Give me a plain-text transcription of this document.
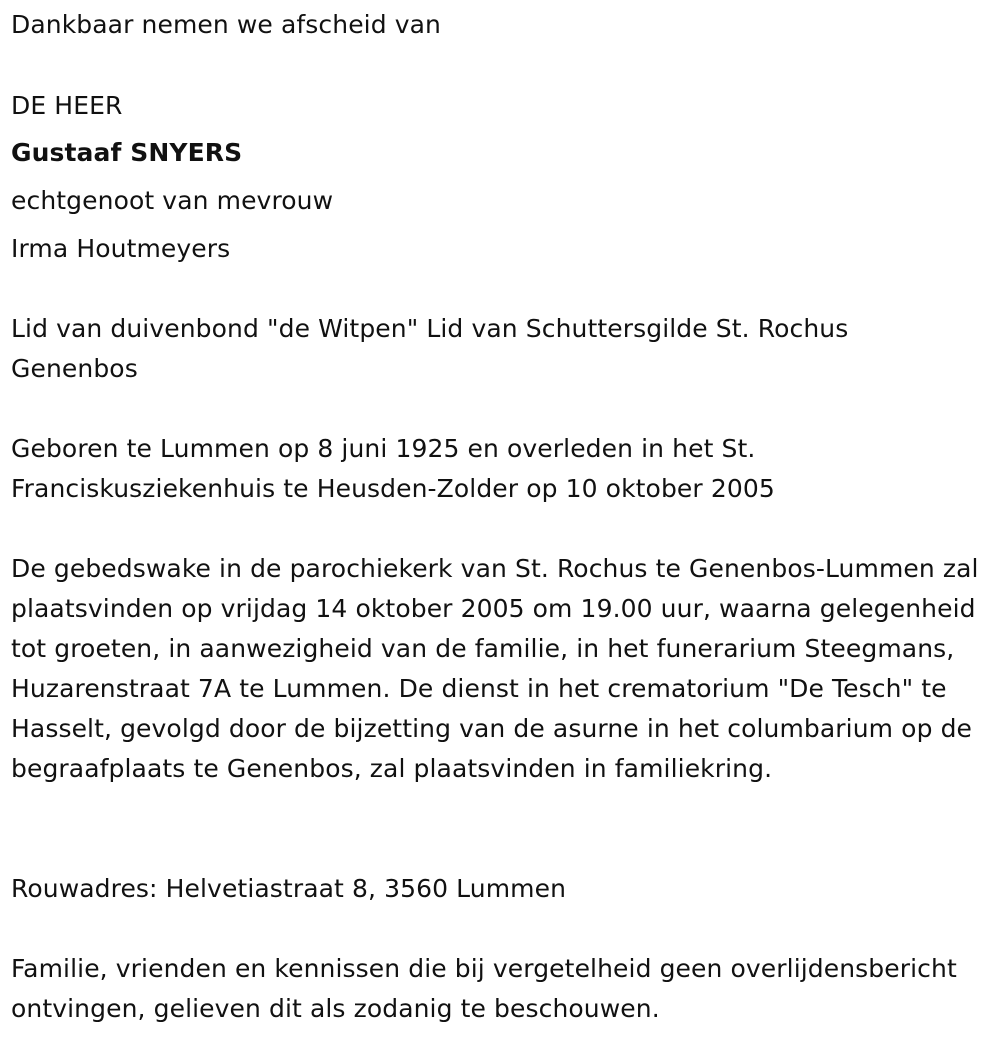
Dankbaar nemen we afscheid van

DE HEER

Gustaaf SNYERS

echtgenoot van mevrouw

Irma Houtmeyers

Lid van duivenbond "de Witpen" Lid van Schuttersgilde St. Rochus Genenbos

Geboren te Lummen op 8 juni 1925 en overleden in het St. Franciskusziekenhuis te Heusden-Zolder op 10 oktober 2005

De gebedswake in de parochiekerk van St. Rochus te Genenbos-Lummen zal plaatsvinden op vrijdag 14 oktober 2005 om 19.00 uur, waarna gelegenheid tot groeten, in aanwezigheid van de familie, in het funerarium Steegmans, Huzarenstraat 7A te Lummen. De dienst in het crematorium "De Tesch" te Hasselt, gevolgd door de bijzetting van de asurne in het columbarium op de begraafplaats te Genenbos, zal plaatsvinden in familiekring.

Rouwadres: Helvetiastraat 8, 3560 Lummen

Familie, vrienden en kennissen die bij vergetelheid geen overlijdensbericht ontvingen, gelieven dit als zodanig te beschouwen.
